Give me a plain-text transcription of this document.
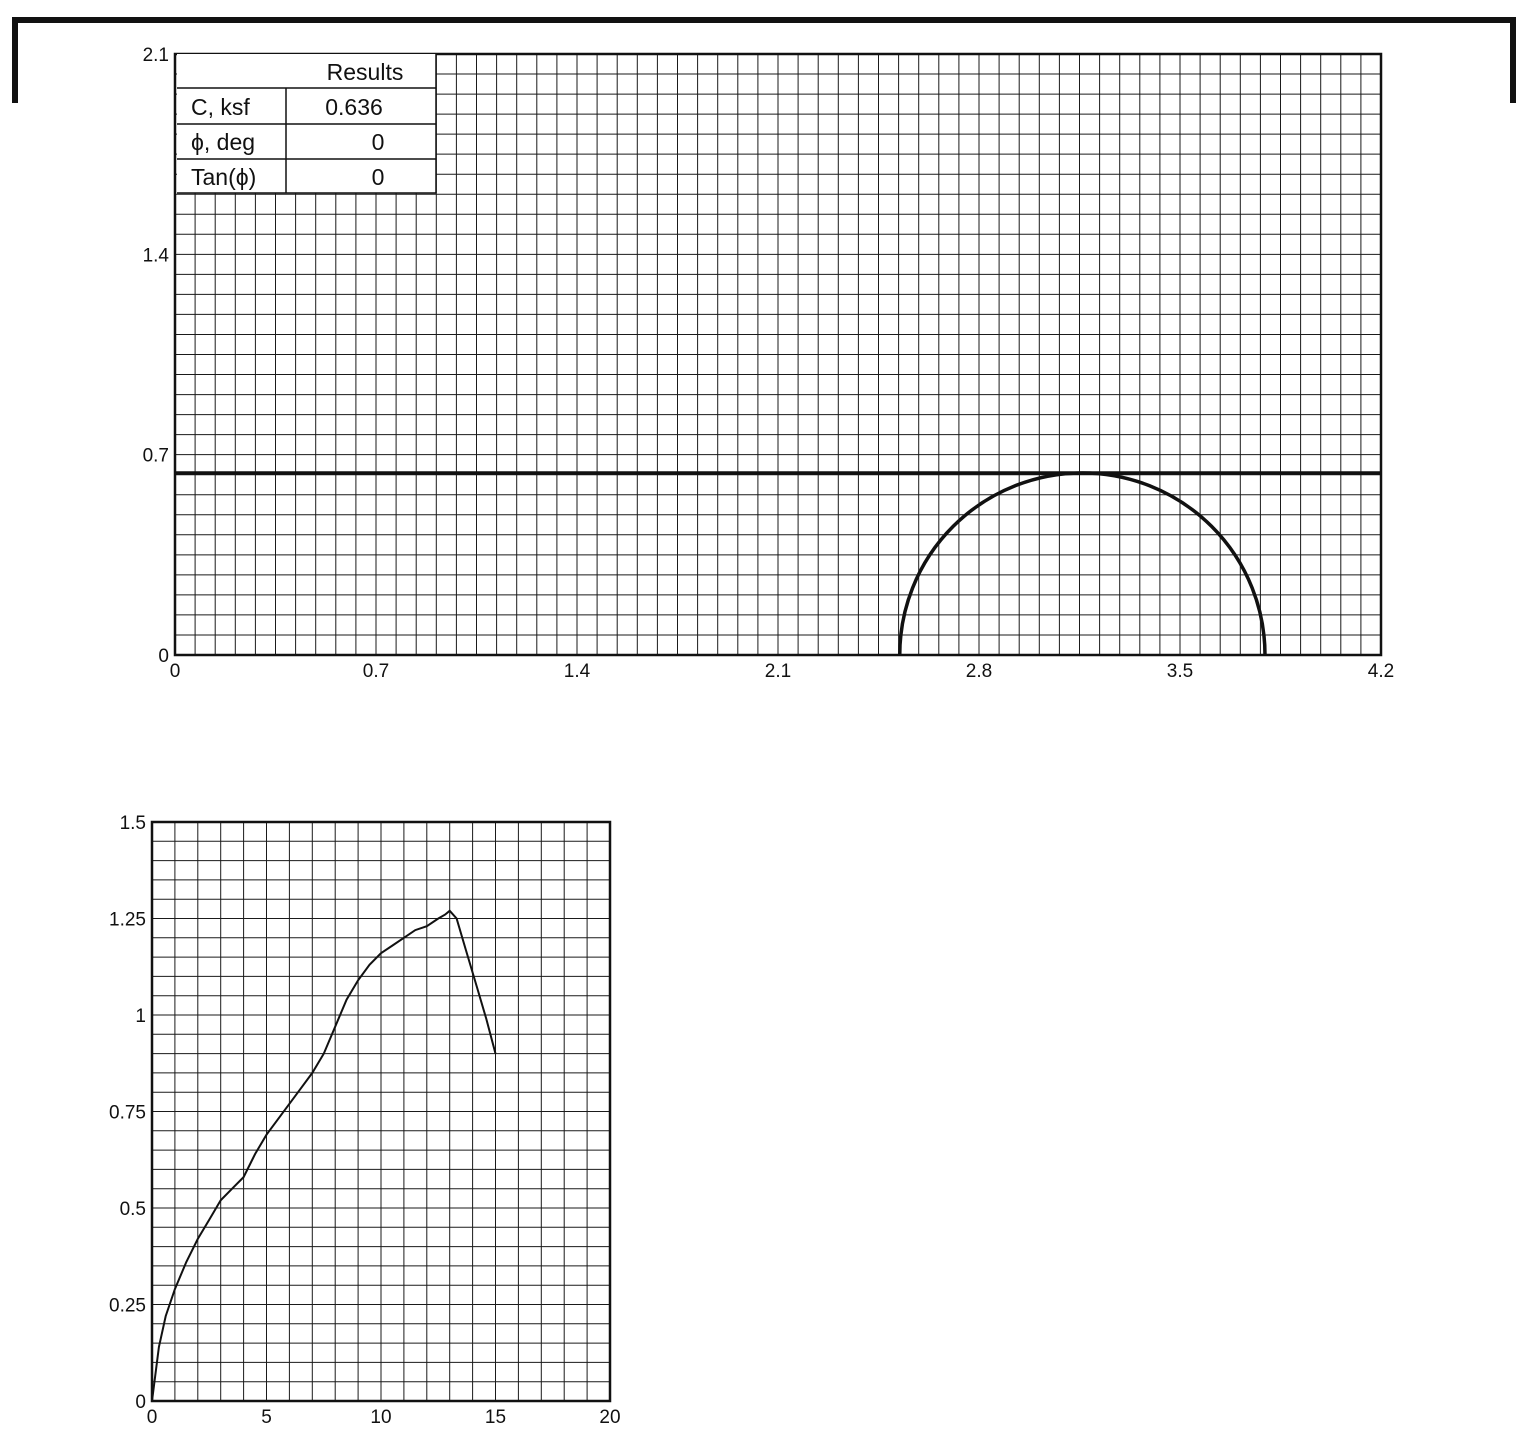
0	0.7	1.4	2.1	2.8	3.5	4.2
0
0.7
1.4
2.1
Results
C, ksf	0.636
ϕ, deg	0
Tan(ϕ)	0
0	5	10	15	20
0
0.25
0.5
0.75
1
1.25
1.5
